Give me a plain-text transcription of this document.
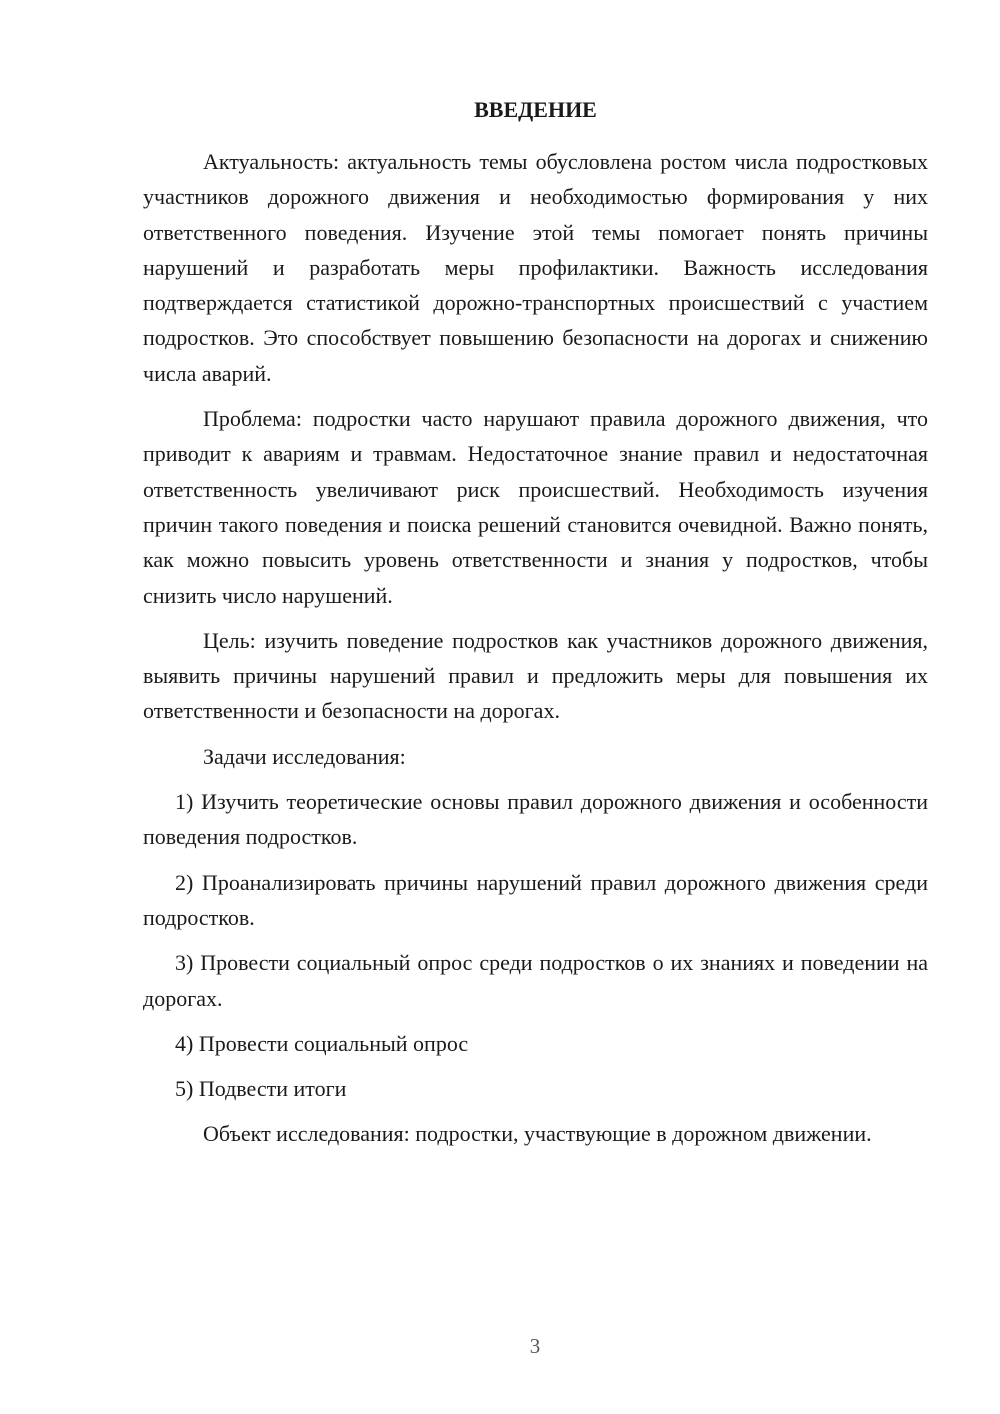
ВВЕДЕНИЕ

Актуальность: актуальность темы обусловлена ростом числа подростковых участников дорожного движения и необходимостью формирования у них ответственного поведения. Изучение этой темы помогает понять причины нарушений и разработать меры профилактики. Важность исследования подтверждается статистикой дорожно-транспортных происшествий с участием подростков. Это способствует повышению безопасности на дорогах и снижению числа аварий.

Проблема: подростки часто нарушают правила дорожного движения, что приводит к авариям и травмам. Недостаточное знание правил и недостаточная ответственность увеличивают риск происшествий. Необходимость изучения причин такого поведения и поиска решений становится очевидной. Важно понять, как можно повысить уровень ответственности и знания у подростков, чтобы снизить число нарушений.

Цель: изучить поведение подростков как участников дорожного движения, выявить причины нарушений правил и предложить меры для повышения их ответственности и безопасности на дорогах.

Задачи исследования:

1) Изучить теоретические основы правил дорожного движения и особенности поведения подростков.

2) Проанализировать причины нарушений правил дорожного движения среди подростков.

3) Провести социальный опрос среди подростков о их знаниях и поведении на дорогах.

4) Провести социальный опрос

5) Подвести итоги

Объект исследования: подростки, участвующие в дорожном движении.

3
